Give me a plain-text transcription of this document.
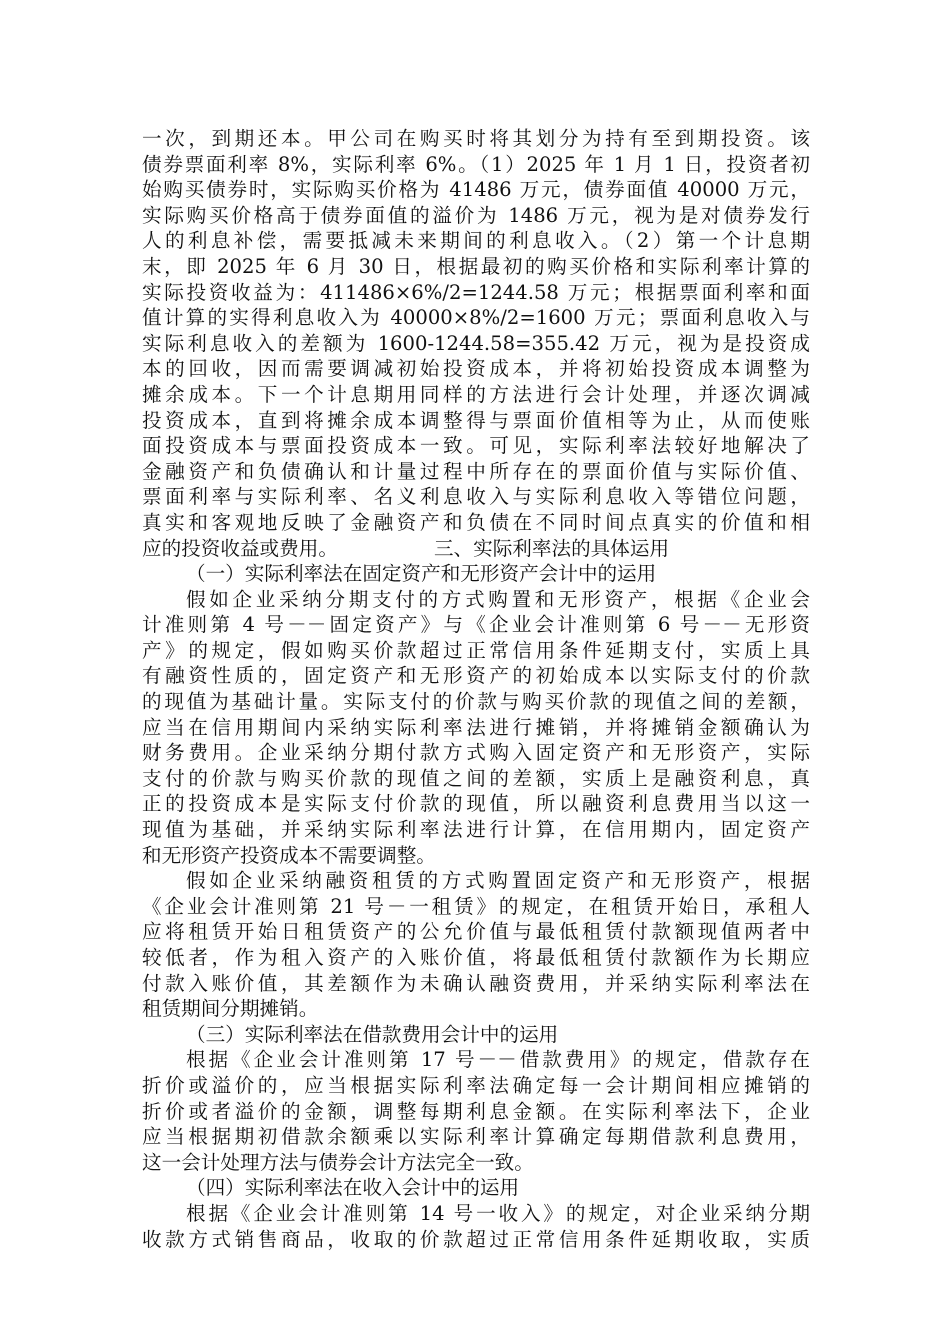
一次，到期还本。甲公司在购买时将其划分为持有至到期投资。该
债券票面利率 8%，实际利率 6%。（1）2025 年 1 月 1 日，投资者初
始购买债券时，实际购买价格为 41486 万元，债券面值 40000 万元，
实际购买价格高于债券面值的溢价为 1486 万元，视为是对债券发行
人的利息补偿，需要抵减未来期间的利息收入。（2）第一个计息期
末，即 2025 年 6 月 30 日，根据最初的购买价格和实际利率计算的
实际投资收益为：411486×6%/2=1244.58 万元；根据票面利率和面
值计算的实得利息收入为 40000×8%/2=1600 万元；票面利息收入与
实际利息收入的差额为 1600-1244.58=355.42 万元，视为是投资成
本的回收，因而需要调减初始投资成本，并将初始投资成本调整为
摊余成本。下一个计息期用同样的方法进行会计处理，并逐次调减
投资成本，直到将摊余成本调整得与票面价值相等为止，从而使账
面投资成本与票面投资成本一致。可见，实际利率法较好地解决了
金融资产和负债确认和计量过程中所存在的票面价值与实际价值、
票面利率与实际利率、名义利息收入与实际利息收入等错位问题，
真实和客观地反映了金融资产和负债在不同时间点真实的价值和相
应的投资收益或费用。	三、实际利率法的具体运用
（一）实际利率法在固定资产和无形资产会计中的运用
假如企业采纳分期支付的方式购置和无形资产，根据《企业会
计准则第 4 号－－固定资产》与《企业会计准则第 6 号－－无形资
产》的规定，假如购买价款超过正常信用条件延期支付，实质上具
有融资性质的，固定资产和无形资产的初始成本以实际支付的价款
的现值为基础计量。实际支付的价款与购买价款的现值之间的差额，
应当在信用期间内采纳实际利率法进行摊销，并将摊销金额确认为
财务费用。企业采纳分期付款方式购入固定资产和无形资产，实际
支付的价款与购买价款的现值之间的差额，实质上是融资利息，真
正的投资成本是实际支付价款的现值，所以融资利息费用当以这一
现值为基础，并采纳实际利率法进行计算，在信用期内，固定资产
和无形资产投资成本不需要调整。
假如企业采纳融资租赁的方式购置固定资产和无形资产，根据
《企业会计准则第 21 号－一租赁》的规定，在租赁开始日，承租人
应将租赁开始日租赁资产的公允价值与最低租赁付款额现值两者中
较低者，作为租入资产的入账价值，将最低租赁付款额作为长期应
付款入账价值，其差额作为未确认融资费用，并采纳实际利率法在
租赁期间分期摊销。
（三）实际利率法在借款费用会计中的运用
根据《企业会计准则第 17 号－－借款费用》的规定，借款存在
折价或溢价的，应当根据实际利率法确定每一会计期间相应摊销的
折价或者溢价的金额，调整每期利息金额。在实际利率法下，企业
应当根据期初借款余额乘以实际利率计算确定每期借款利息费用，
这一会计处理方法与债券会计方法完全一致。
（四）实际利率法在收入会计中的运用
根据《企业会计准则第 14 号一收入》的规定，对企业采纳分期
收款方式销售商品，收取的价款超过正常信用条件延期收取，实质
